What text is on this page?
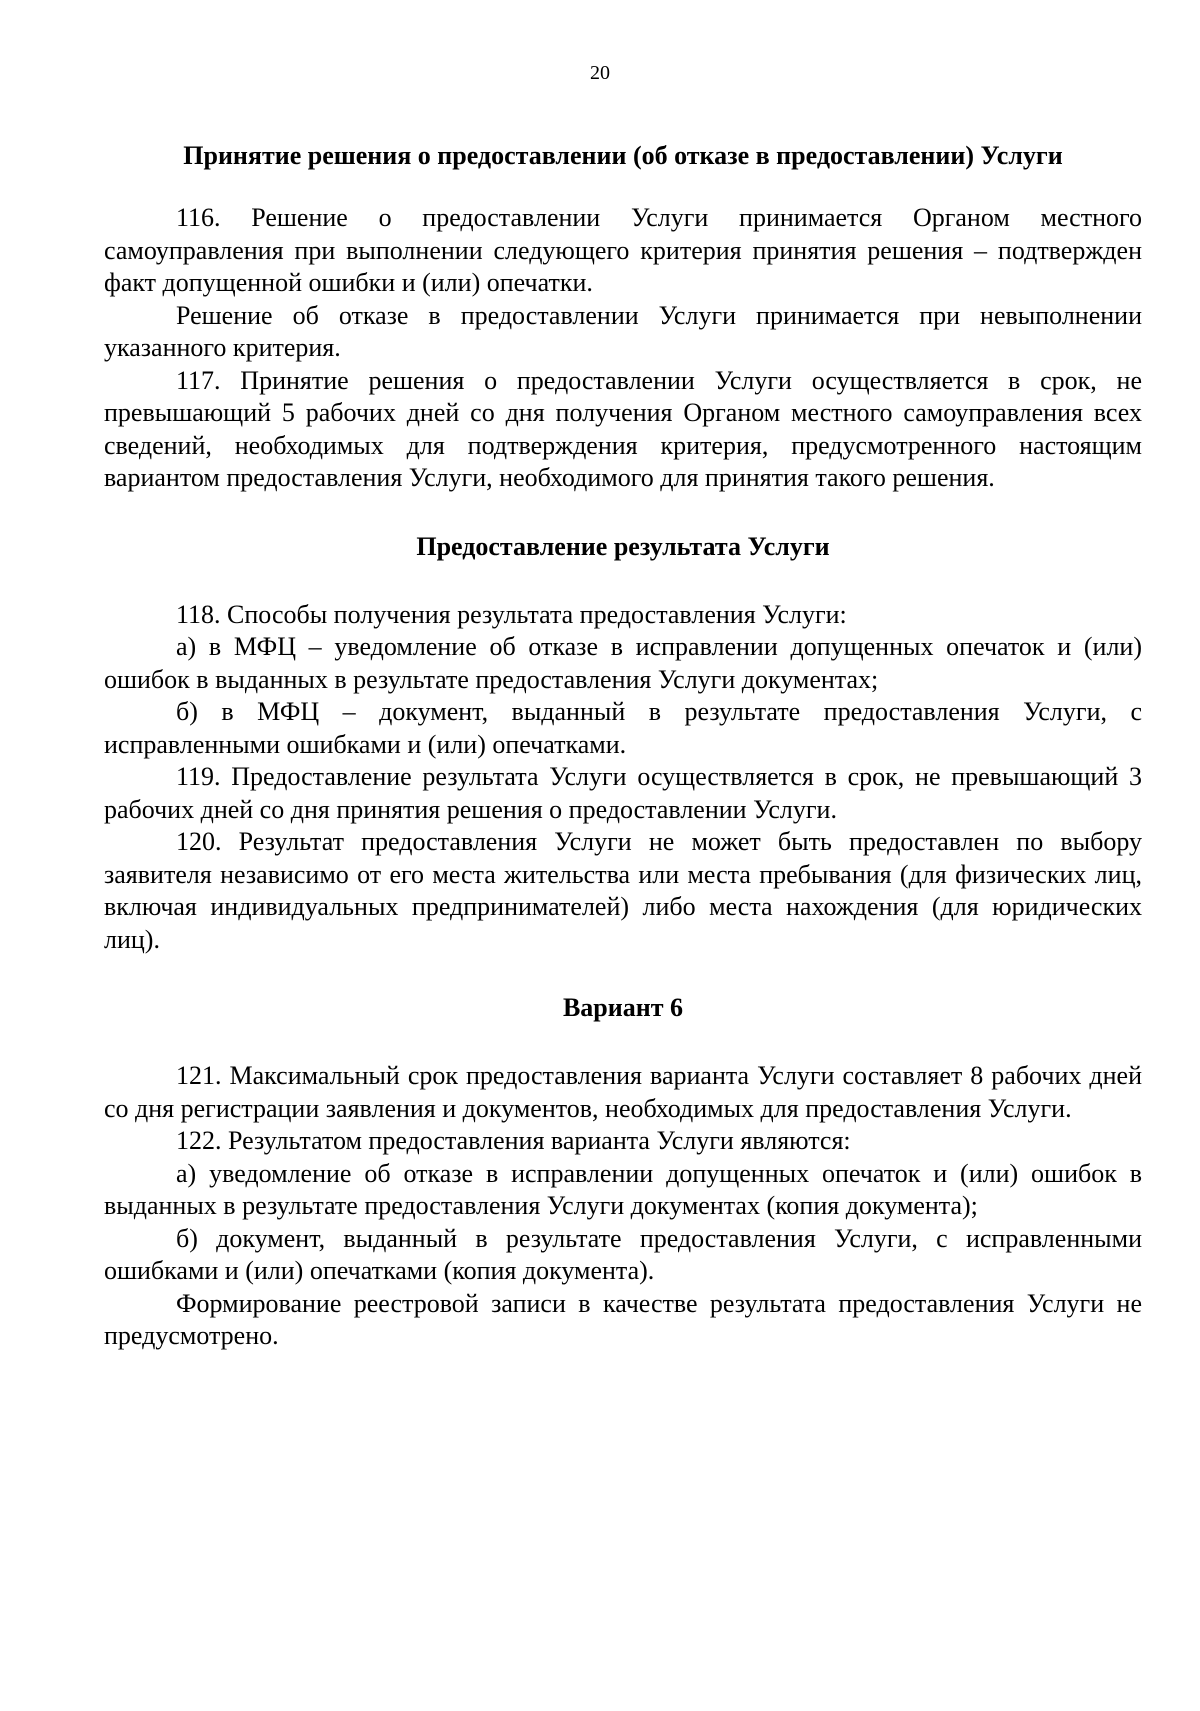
20
Принятие решения о предоставлении (об отказе в предоставлении) Услуги

116. Решение о предоставлении Услуги принимается Органом местного самоуправления при выполнении следующего критерия принятия решения – подтвержден факт допущенной ошибки и (или) опечатки.

Решение об отказе в предоставлении Услуги принимается при невыполнении указанного критерия.

117. Принятие решения о предоставлении Услуги осуществляется в срок, не превышающий 5 рабочих дней со дня получения Органом местного самоуправления всех сведений, необходимых для подтверждения критерия, предусмотренного настоящим вариантом предоставления Услуги, необходимого для принятия такого решения.

Предоставление результата Услуги

118. Способы получения результата предоставления Услуги:

а) в МФЦ – уведомление об отказе в исправлении допущенных опечаток и (или) ошибок в выданных в результате предоставления Услуги документах;

б) в МФЦ – документ, выданный в результате предоставления Услуги, с исправленными ошибками и (или) опечатками.

119. Предоставление результата Услуги осуществляется в срок, не превышающий 3 рабочих дней со дня принятия решения о предоставлении Услуги.

120. Результат предоставления Услуги не может быть предоставлен по выбору заявителя независимо от его места жительства или места пребывания (для физических лиц, включая индивидуальных предпринимателей) либо места нахождения (для юридических лиц).

Вариант 6

121. Максимальный срок предоставления варианта Услуги составляет 8 рабочих дней со дня регистрации заявления и документов, необходимых для предоставления Услуги.

122. Результатом предоставления варианта Услуги являются:

а) уведомление об отказе в исправлении допущенных опечаток и (или) ошибок в выданных в результате предоставления Услуги документах (копия документа);

б) документ, выданный в результате предоставления Услуги, с исправленными ошибками и (или) опечатками (копия документа).

Формирование реестровой записи в качестве результата предоставления Услуги не предусмотрено.
